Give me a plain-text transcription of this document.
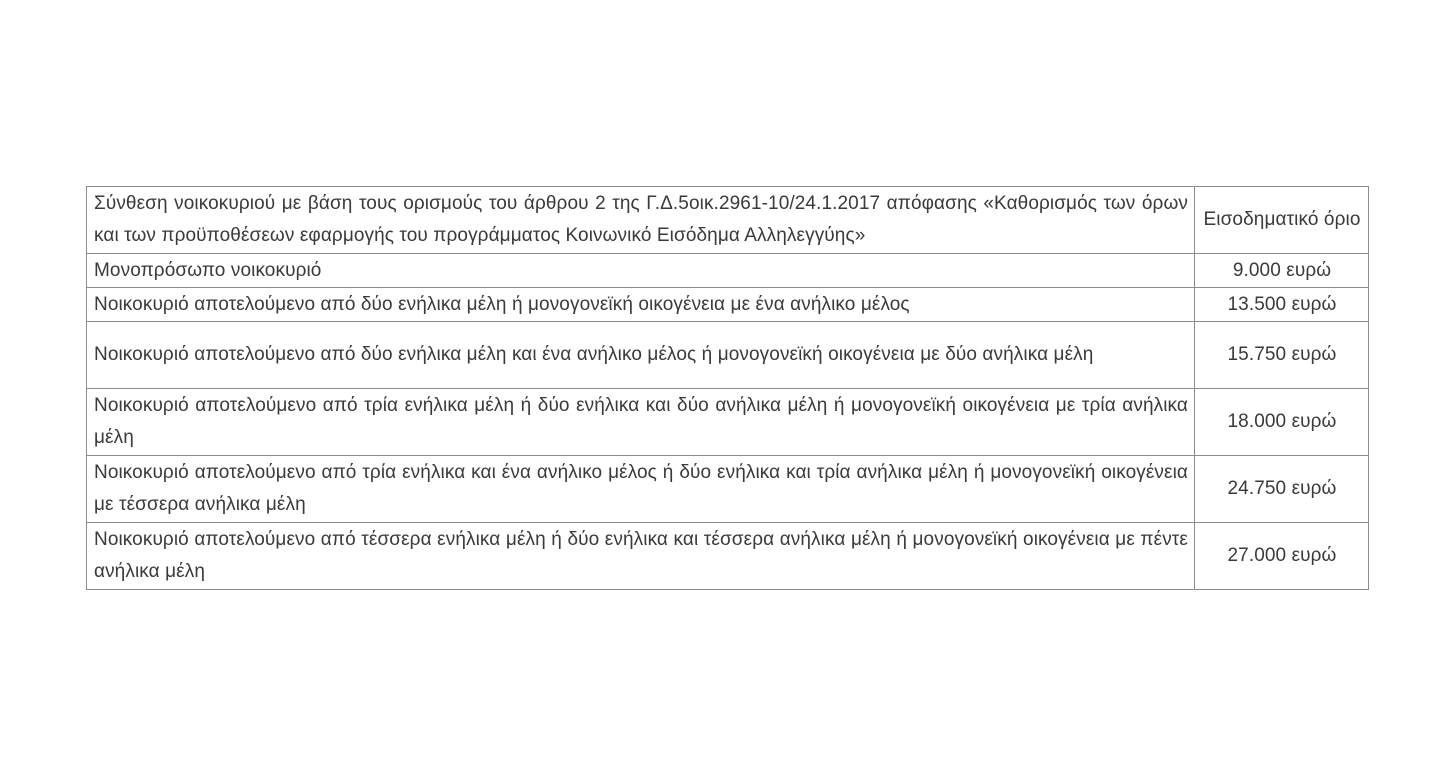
Σύνθεση νοικοκυριού με βάση τους ορισμούς του άρθρου 2 της Γ.Δ.5οικ.2961-10/24.1.2017 απόφασης «Καθορισμός των όρων και των προϋποθέσεων εφαρμογής του προγράμματος Κοινωνικό Εισόδημα Αλληλεγγύης»	Εισοδηματικό όριο
Μονοπρόσωπο νοικοκυριό	9.000 ευρώ
Νοικοκυριό αποτελούμενο από δύο ενήλικα μέλη ή μονογονεϊκή οικογένεια με ένα ανήλικο μέλος	13.500 ευρώ
Νοικοκυριό αποτελούμενο από δύο ενήλικα μέλη και ένα ανήλικο μέλος ή μονογονεϊκή οικογένεια με δύο ανήλικα μέλη	15.750 ευρώ
Νοικοκυριό αποτελούμενο από τρία ενήλικα μέλη ή δύο ενήλικα και δύο ανήλικα μέλη ή μονογονεϊκή οικογένεια με τρία ανήλικα μέλη	18.000 ευρώ
Νοικοκυριό αποτελούμενο από τρία ενήλικα και ένα ανήλικο μέλος ή δύο ενήλικα και τρία ανήλικα μέλη ή μονογονεϊκή οικογένεια με τέσσερα ανήλικα μέλη	24.750 ευρώ
Νοικοκυριό αποτελούμενο από τέσσερα ενήλικα μέλη ή δύο ενήλικα και τέσσερα ανήλικα μέλη ή μονογονεϊκή οικογένεια με πέντε ανήλικα μέλη	27.000 ευρώ
